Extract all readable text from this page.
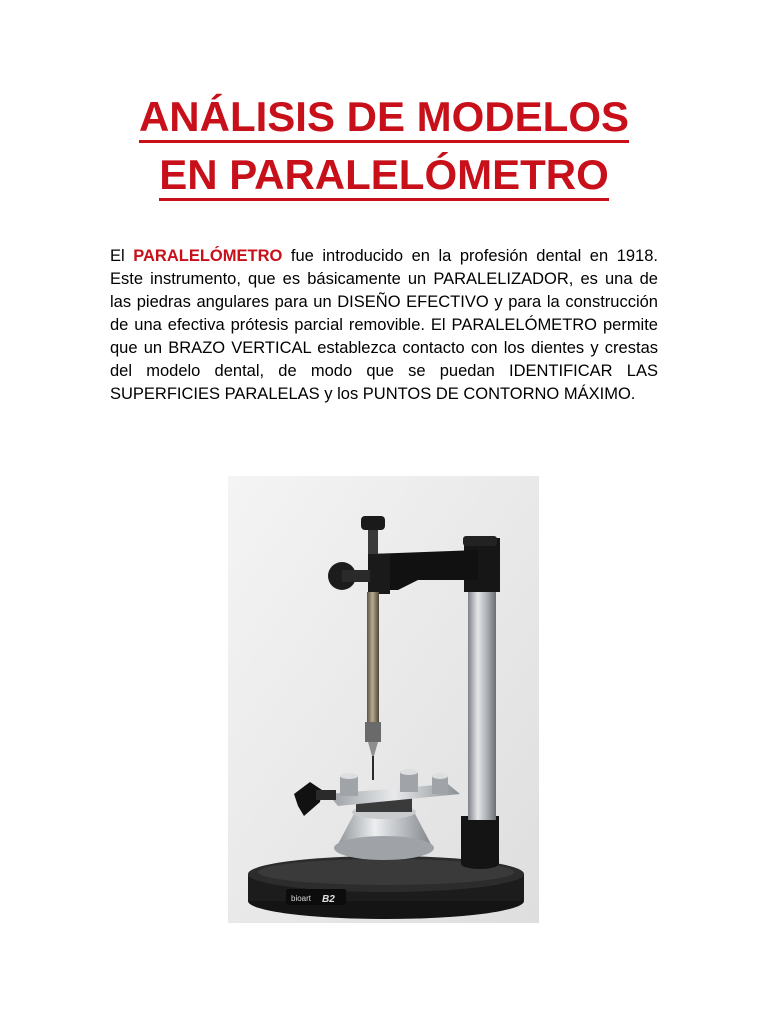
ANÁLISIS DE MODELOS
EN PARALELÓMETRO

El PARALELÓMETRO fue introducido en la profesión dental en 1918. Este instrumento, que es básicamente un PARALELIZADOR, es una de las piedras angulares para un DISEÑO EFECTIVO y para la construcción de una efectiva prótesis parcial removible. El PARALELÓMETRO permite que un BRAZO VERTICAL establezca contacto con los dientes y crestas del modelo dental, de modo que se puedan IDENTIFICAR LAS SUPERFICIES PARALELAS y los PUNTOS DE CONTORNO MÁXIMO.

bioart B2
